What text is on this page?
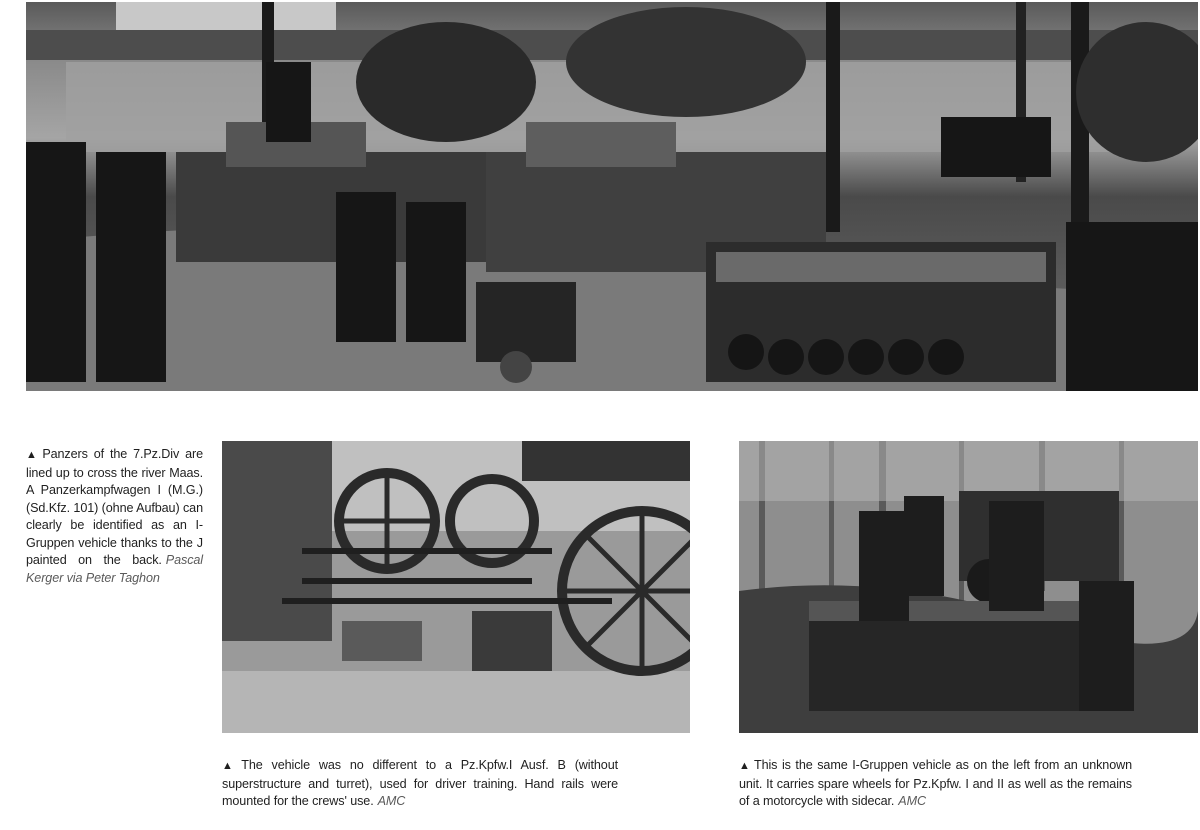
▲ Panzers of the 7.Pz.Div are lined up to cross the river Maas. A Panzerkampfwagen I (M.G.) (Sd.Kfz. 101) (ohne Aufbau) can clearly be identified as an I-Gruppen vehicle thanks to the J painted on the back. Pascal Kerger via Peter Taghon
▲ The vehicle was no different to a Pz.Kpfw.I Ausf. B (without superstructure and turret), used for driver training. Hand rails were mounted for the crews' use. AMC
▲ This is the same I-Gruppen vehicle as on the left from an unknown unit. It carries spare wheels for Pz.Kpfw. I and II as well as the remains of a motorcycle with sidecar. AMC
